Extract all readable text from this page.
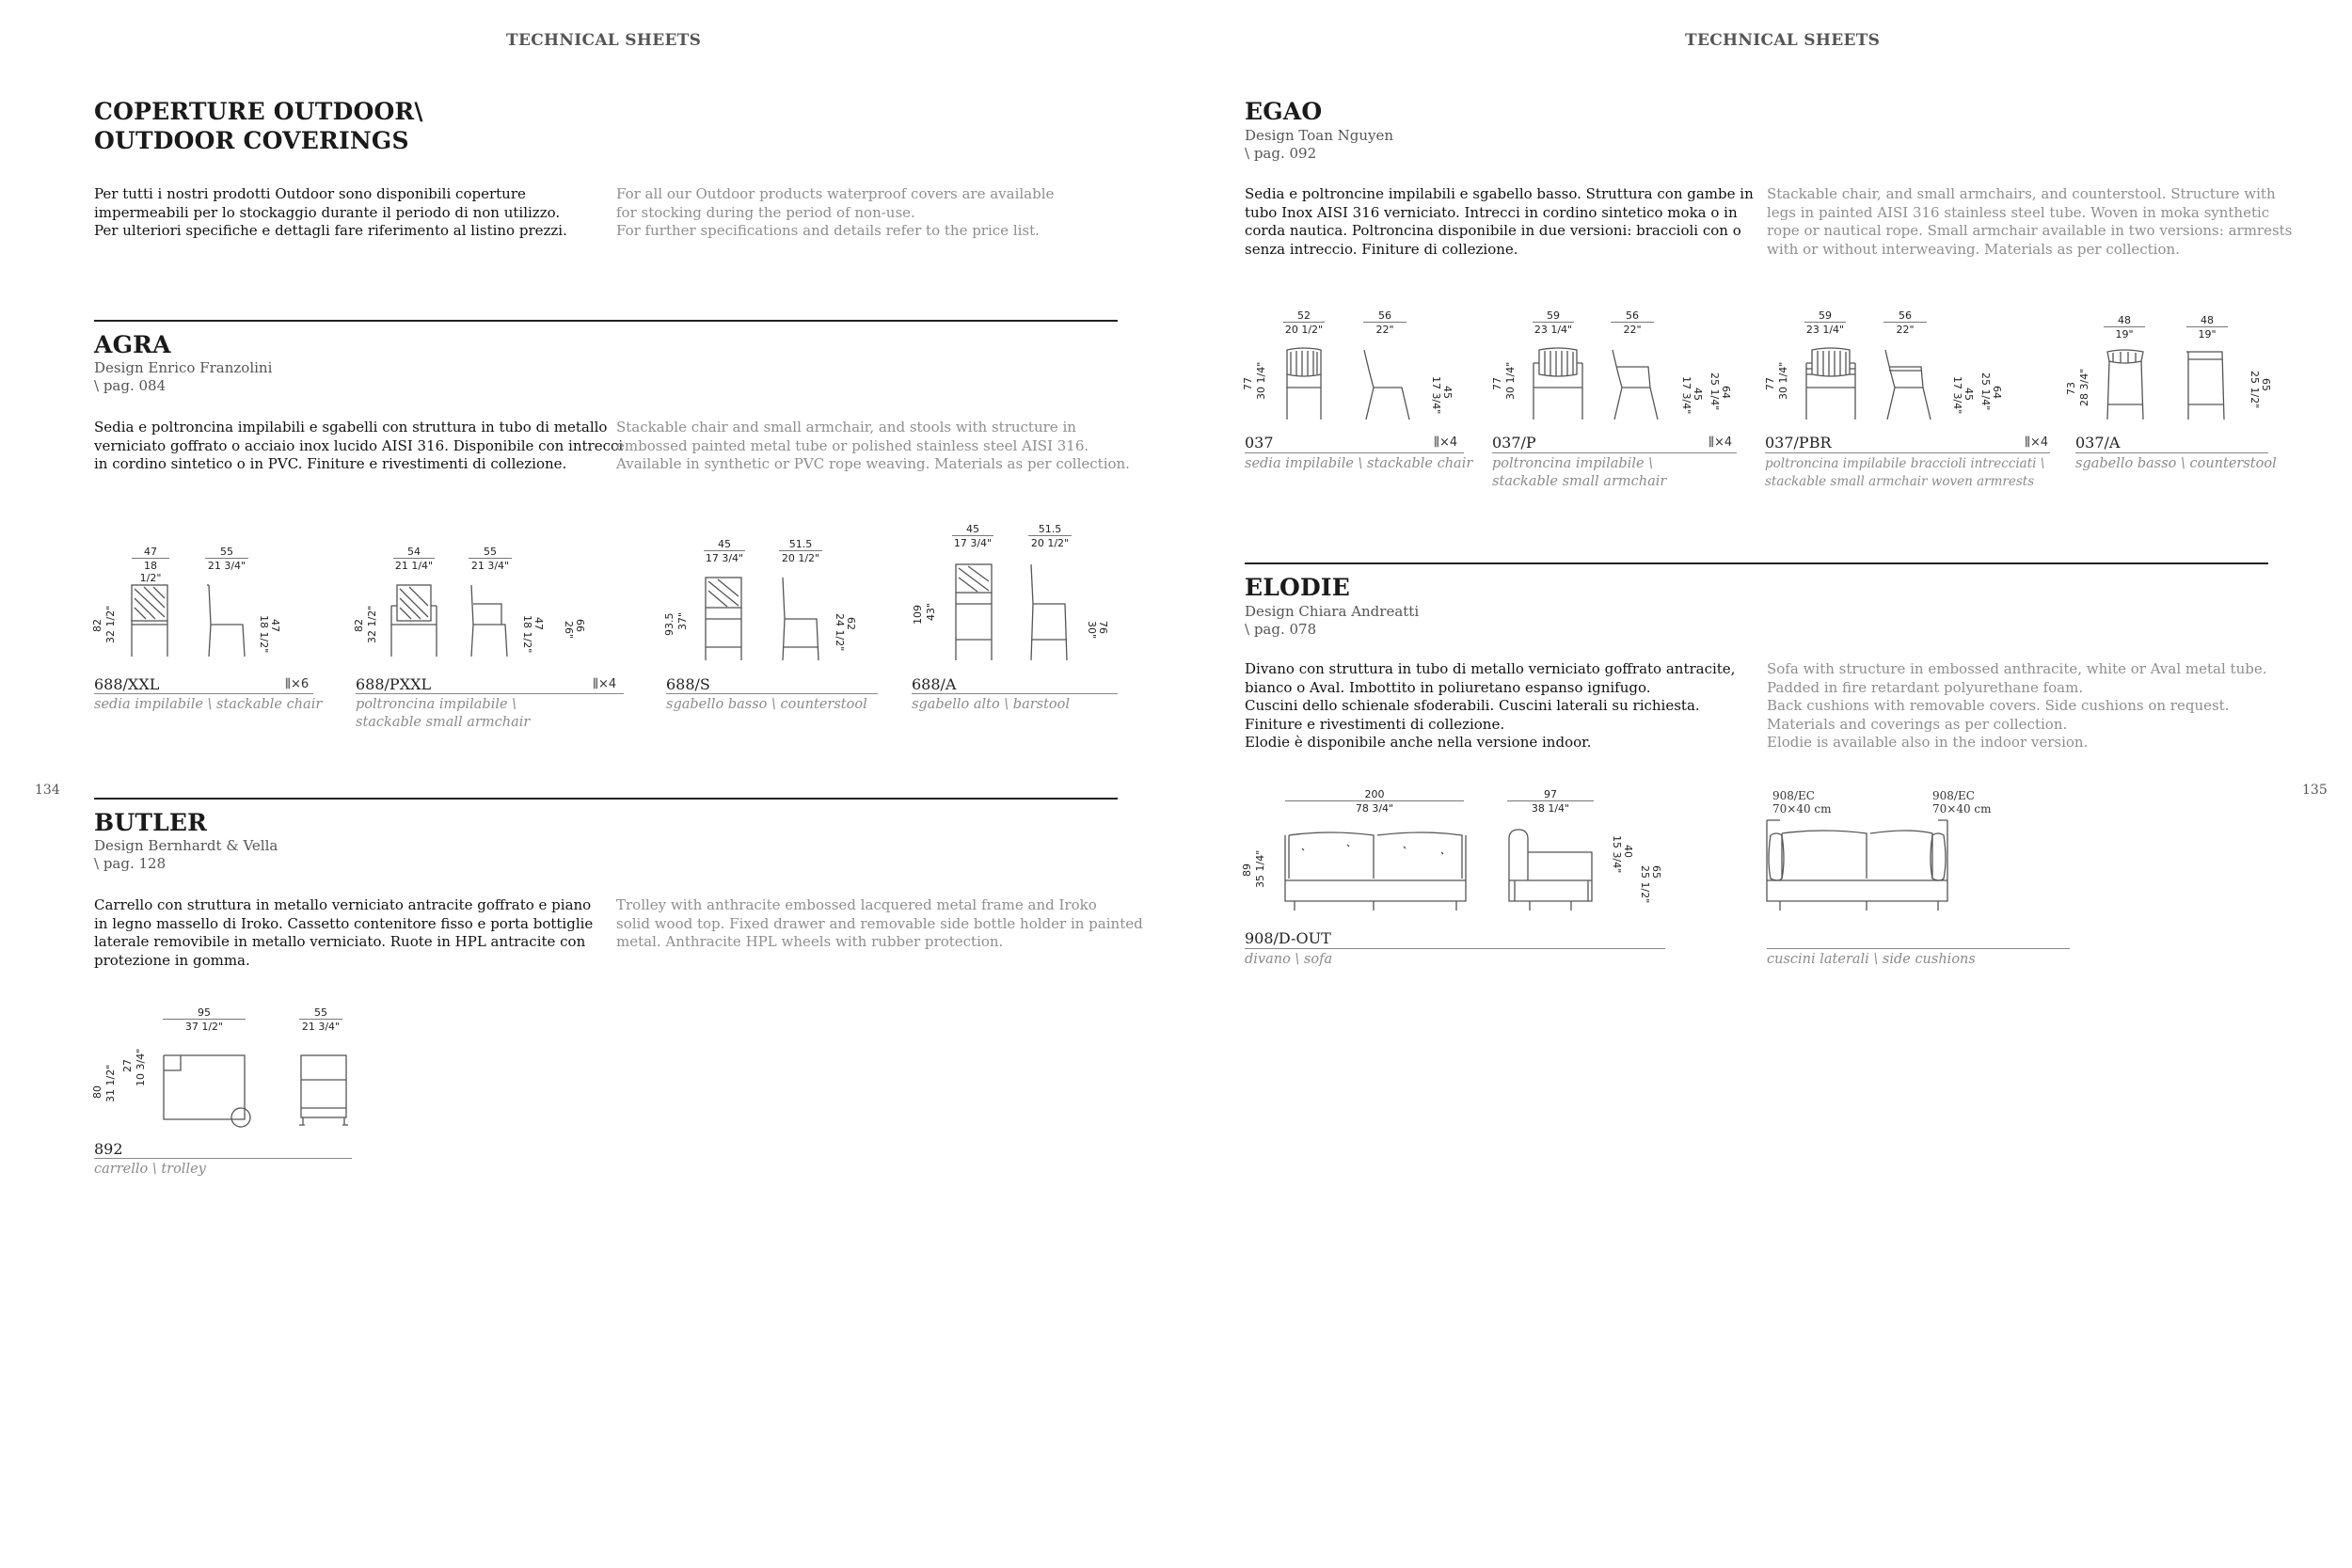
TECHNICAL SHEETS	TECHNICAL SHEETS
134	135
COPERTURE OUTDOOR\
OUTDOOR COVERINGS
Per tutti i nostri prodotti Outdoor sono disponibili coperture
impermeabili per lo stockaggio durante il periodo di non utilizzo.
Per ulteriori specifiche e dettagli fare riferimento al listino prezzi.
For all our Outdoor products waterproof covers are available
for stocking during the period of non-use.
For further specifications and details refer to the price list.
AGRA
Design Enrico Franzolini
\ pag. 084
Sedia e poltroncina impilabili e sgabelli con struttura in tubo di metallo
verniciato goffrato o acciaio inox lucido AISI 316. Disponibile con intrecci
in cordino sintetico o in PVC. Finiture e rivestimenti di collezione.
Stackable chair and small armchair, and stools with structure in
embossed painted metal tube or polished stainless steel AISI 316.
Available in synthetic or PVC rope weaving. Materials as per collection.
47
18 1/2"
55
21 3/4"
82 32 1/2"	47
18 1/2"
688/XXL	⫼×6
sedia impilabile \ stackable chair
54
21 1/4"
55
21 3/4"
82 32 1/2"	47
18 1/2"	66
26"
688/PXXL	⫼×4
poltroncina impilabile \
stackable small armchair
45
17 3/4"
51.5
20 1/2"
93.5 37"	62
24 1/2"
688/S
sgabello basso \ counterstool
45
17 3/4"
51.5
20 1/2"
109 43"
76
30"
688/A
sgabello alto \ barstool
BUTLER
Design Bernhardt & Vella
\ pag. 128
Carrello con struttura in metallo verniciato antracite goffrato e piano
in legno massello di Iroko. Cassetto contenitore fisso e porta bottiglie
laterale removibile in metallo verniciato. Ruote in HPL antracite con
protezione in gomma.
Trolley with anthracite embossed lacquered metal frame and Iroko
solid wood top. Fixed drawer and removable side bottle holder in painted
metal. Anthracite HPL wheels with rubber protection.
95
37 1/2"
55
21 3/4"
80 31 1/2" 27 10 3/4"
892
carrello \ trolley
EGAO
Design Toan Nguyen
\ pag. 092
Sedia e poltroncine impilabili e sgabello basso. Struttura con gambe in
tubo Inox AISI 316 verniciato. Intrecci in cordino sintetico moka o in
corda nautica. Poltroncina disponibile in due versioni: braccioli con o
senza intreccio. Finiture di collezione.
Stackable chair, and small armchairs, and counterstool. Structure with
legs in painted AISI 316 stainless steel tube. Woven in moka synthetic
rope or nautical rope. Small armchair available in two versions: armrests
with or without interweaving. Materials as per collection.
52
20 1/2"
56
22"
77 30 1/4"	45
17 3/4"
037	⫼×4
sedia impilabile \ stackable chair
59
23 1/4"
56
22"
77 30 1/4"	45
17 3/4"	64
25 1/4"
037/P	⫼×4
poltroncina impilabile \
stackable small armchair
59
23 1/4"
56
22"
77 30 1/4"	45
17 3/4"	64
25 1/4"
037/PBR	⫼×4
poltroncina impilabile braccioli intrecciati \
stackable small armchair woven armrests
48
19"
48
19"
73 28 3/4"	65
25 1/2"
037/A
sgabello basso \ counterstool
ELODIE
Design Chiara Andreatti
\ pag. 078
Divano con struttura in tubo di metallo verniciato goffrato antracite,
bianco o Aval. Imbottito in poliuretano espanso ignifugo.
Cuscini dello schienale sfoderabili. Cuscini laterali su richiesta.
Finiture e rivestimenti di collezione.
Elodie è disponibile anche nella versione indoor.
Sofa with structure in embossed anthracite, white or Aval metal tube.
Padded in fire retardant polyurethane foam.
Back cushions with removable covers. Side cushions on request.
Materials and coverings as per collection.
Elodie is available also in the indoor version.
200
78 3/4"
97
38 1/4"
89 35 1/4"	40
15 3/4"	65
25 1/2"
908/D-OUT
divano \ sofa
908/EC
70×40 cm
908/EC
70×40 cm
cuscini laterali \ side cushions
